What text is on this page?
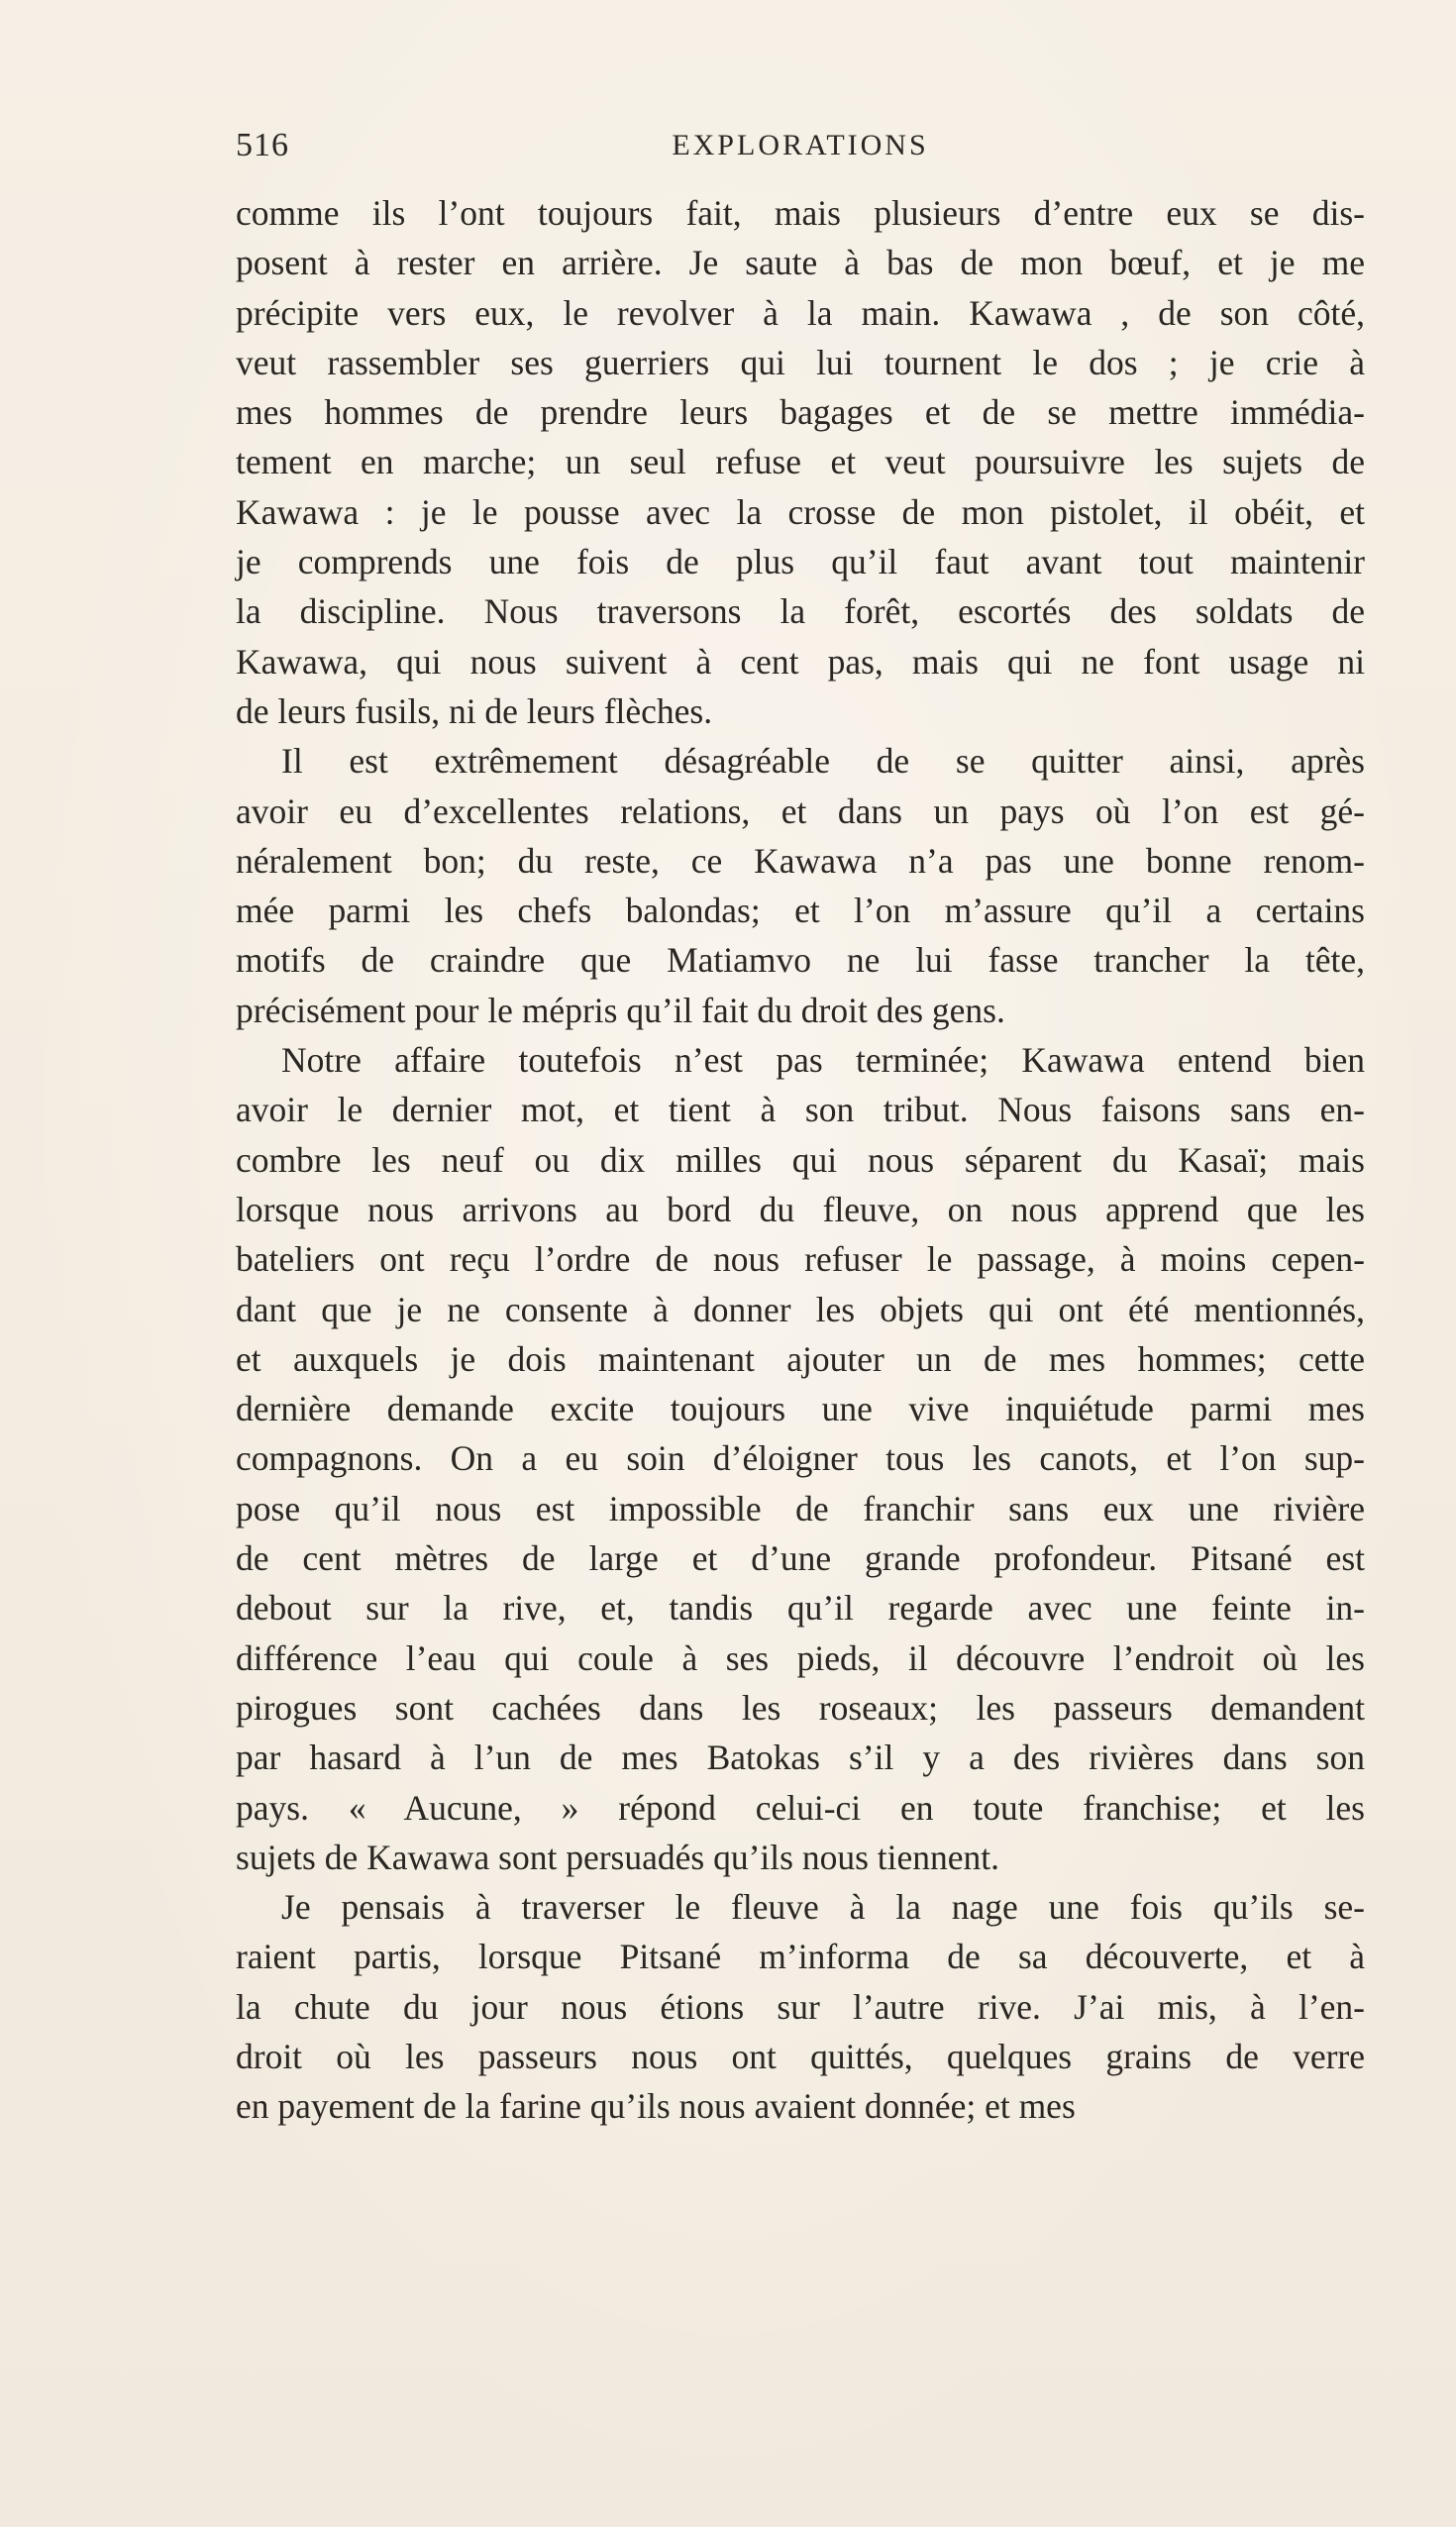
516	EXPLORATIONS
comme ils l’ont toujours fait, mais plusieurs d’entre eux se dis-
posent à rester en arrière. Je saute à bas de mon bœuf, et je me
précipite vers eux, le revolver à la main. Kawawa , de son côté,
veut rassembler ses guerriers qui lui tournent le dos ; je crie à
mes hommes de prendre leurs bagages et de se mettre immédia-
tement en marche; un seul refuse et veut poursuivre les sujets de
Kawawa : je le pousse avec la crosse de mon pistolet, il obéit, et
je comprends une fois de plus qu’il faut avant tout maintenir
la discipline. Nous traversons la forêt, escortés des soldats de
Kawawa, qui nous suivent à cent pas, mais qui ne font usage ni
de leurs fusils, ni de leurs flèches.
Il est extrêmement désagréable de se quitter ainsi, après
avoir eu d’excellentes relations, et dans un pays où l’on est gé-
néralement bon; du reste, ce Kawawa n’a pas une bonne renom-
mée parmi les chefs balondas; et l’on m’assure qu’il a certains
motifs de craindre que Matiamvo ne lui fasse trancher la tête,
précisément pour le mépris qu’il fait du droit des gens.
Notre affaire toutefois n’est pas terminée; Kawawa entend bien
avoir le dernier mot, et tient à son tribut. Nous faisons sans en-
combre les neuf ou dix milles qui nous séparent du Kasaï; mais
lorsque nous arrivons au bord du fleuve, on nous apprend que les
bateliers ont reçu l’ordre de nous refuser le passage, à moins cepen-
dant que je ne consente à donner les objets qui ont été mentionnés,
et auxquels je dois maintenant ajouter un de mes hommes; cette
dernière demande excite toujours une vive inquiétude parmi mes
compagnons. On a eu soin d’éloigner tous les canots, et l’on sup-
pose qu’il nous est impossible de franchir sans eux une rivière
de cent mètres de large et d’une grande profondeur. Pitsané est
debout sur la rive, et, tandis qu’il regarde avec une feinte in-
différence l’eau qui coule à ses pieds, il découvre l’endroit où les
pirogues sont cachées dans les roseaux; les passeurs demandent
par hasard à l’un de mes Batokas s’il y a des rivières dans son
pays. « Aucune, » répond celui-ci en toute franchise; et les
sujets de Kawawa sont persuadés qu’ils nous tiennent.
Je pensais à traverser le fleuve à la nage une fois qu’ils se-
raient partis, lorsque Pitsané m’informa de sa découverte, et à
la chute du jour nous étions sur l’autre rive. J’ai mis, à l’en-
droit où les passeurs nous ont quittés, quelques grains de verre
en payement de la farine qu’ils nous avaient donnée; et mes
